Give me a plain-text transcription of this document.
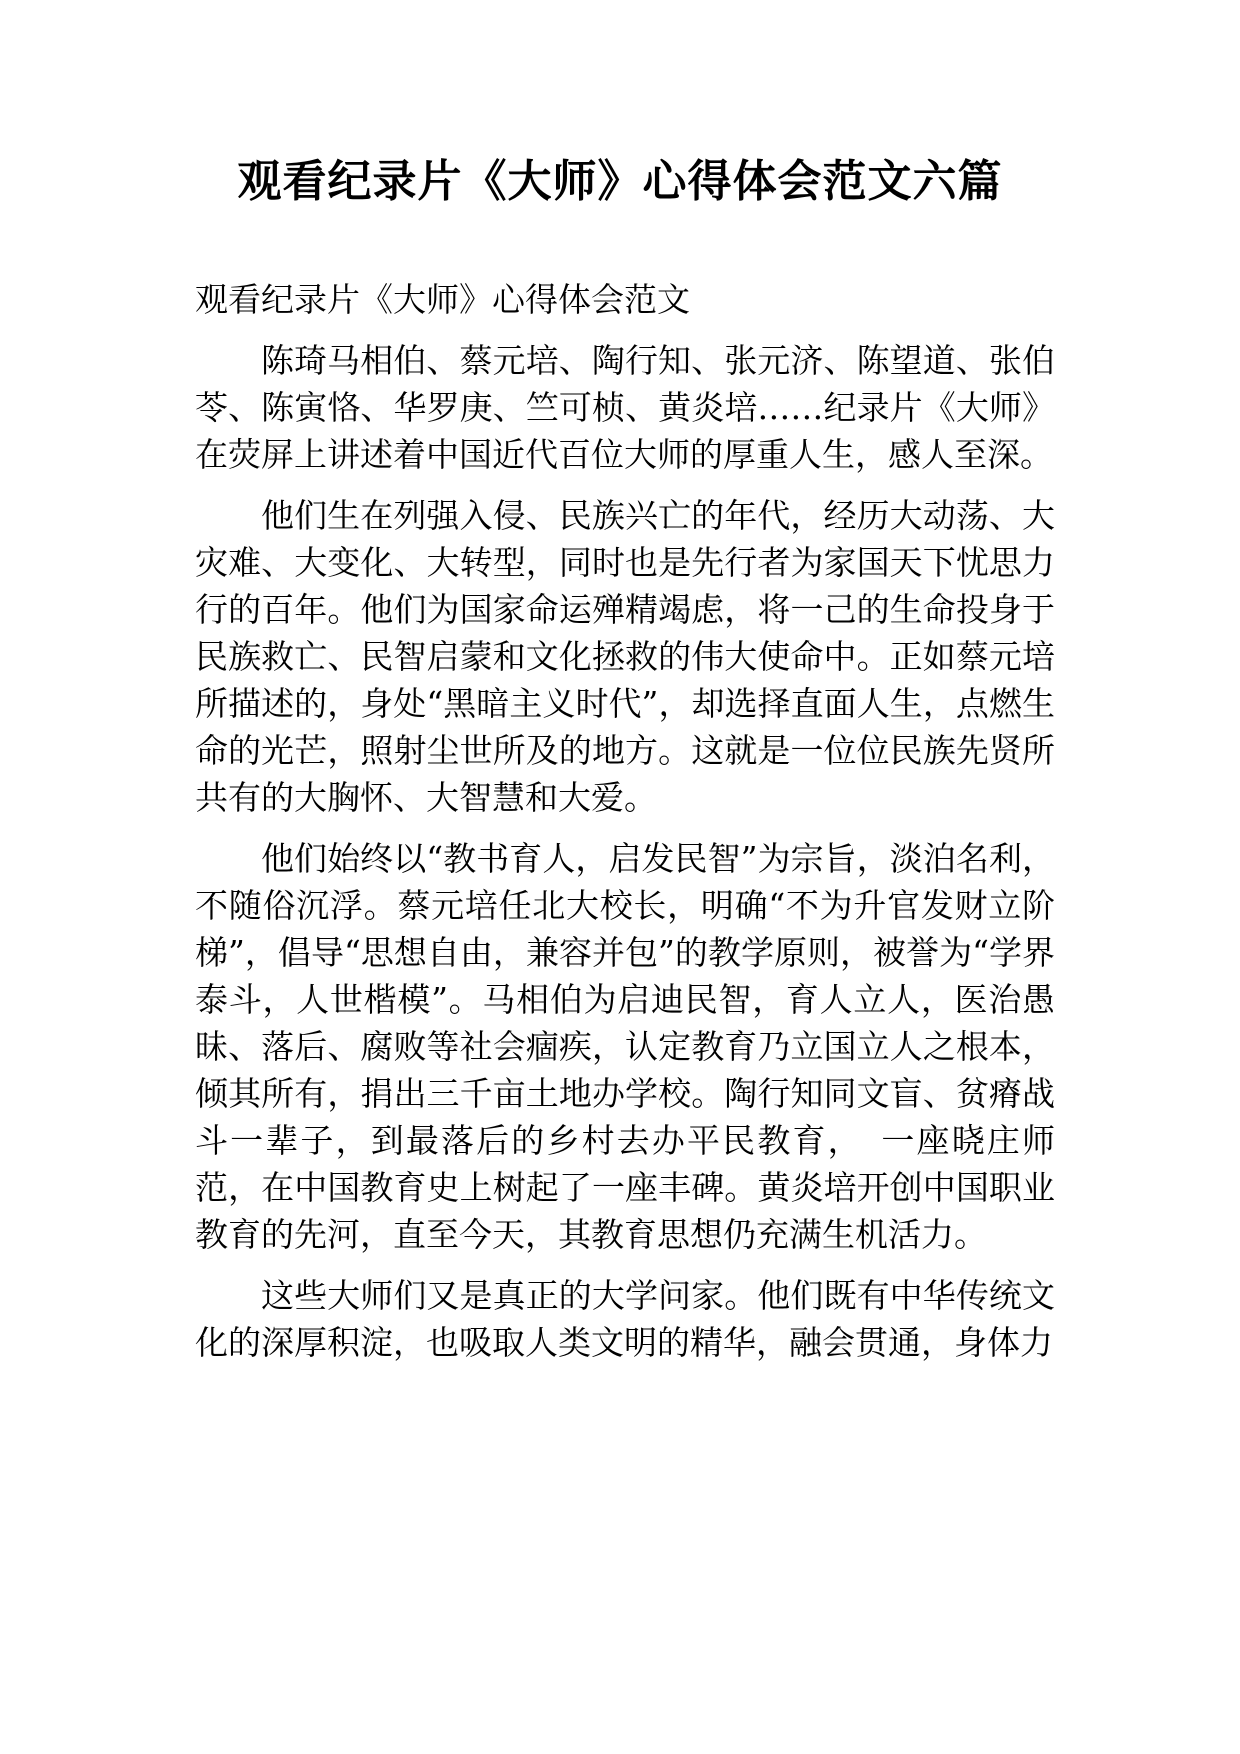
观看纪录片《大师》心得体会范文六篇

观看纪录片《大师》心得体会范文

陈琦马相伯、蔡元培、陶行知、张元济、陈望道、张伯苓、陈寅恪、华罗庚、竺可桢、黄炎培……纪录片《大师》在荧屏上讲述着中国近代百位大师的厚重人生，感人至深。

他们生在列强入侵、民族兴亡的年代，经历大动荡、大灾难、大变化、大转型，同时也是先行者为家国天下忧思力行的百年。他们为国家命运殚精竭虑，将一己的生命投身于民族救亡、民智启蒙和文化拯救的伟大使命中。正如蔡元培所描述的，身处“黑暗主义时代”，却选择直面人生，点燃生命的光芒，照射尘世所及的地方。这就是一位位民族先贤所共有的大胸怀、大智慧和大爱。

他们始终以“教书育人，启发民智”为宗旨，淡泊名利，不随俗沉浮。蔡元培任北大校长，明确“不为升官发财立阶梯”，倡导“思想自由，兼容并包”的教学原则，被誉为“学界泰斗，人世楷模”。马相伯为启迪民智，育人立人，医治愚昧、落后、腐败等社会痼疾，认定教育乃立国立人之根本，倾其所有，捐出三千亩土地办学校。陶行知同文盲、贫瘠战斗一辈子，到最落后的乡村去办平民教育，　一座晓庄师范，在中国教育史上树起了一座丰碑。黄炎培开创中国职业教育的先河，直至今天，其教育思想仍充满生机活力。

这些大师们又是真正的大学问家。他们既有中华传统文化的深厚积淀，也吸取人类文明的精华，融会贯通，身体力
